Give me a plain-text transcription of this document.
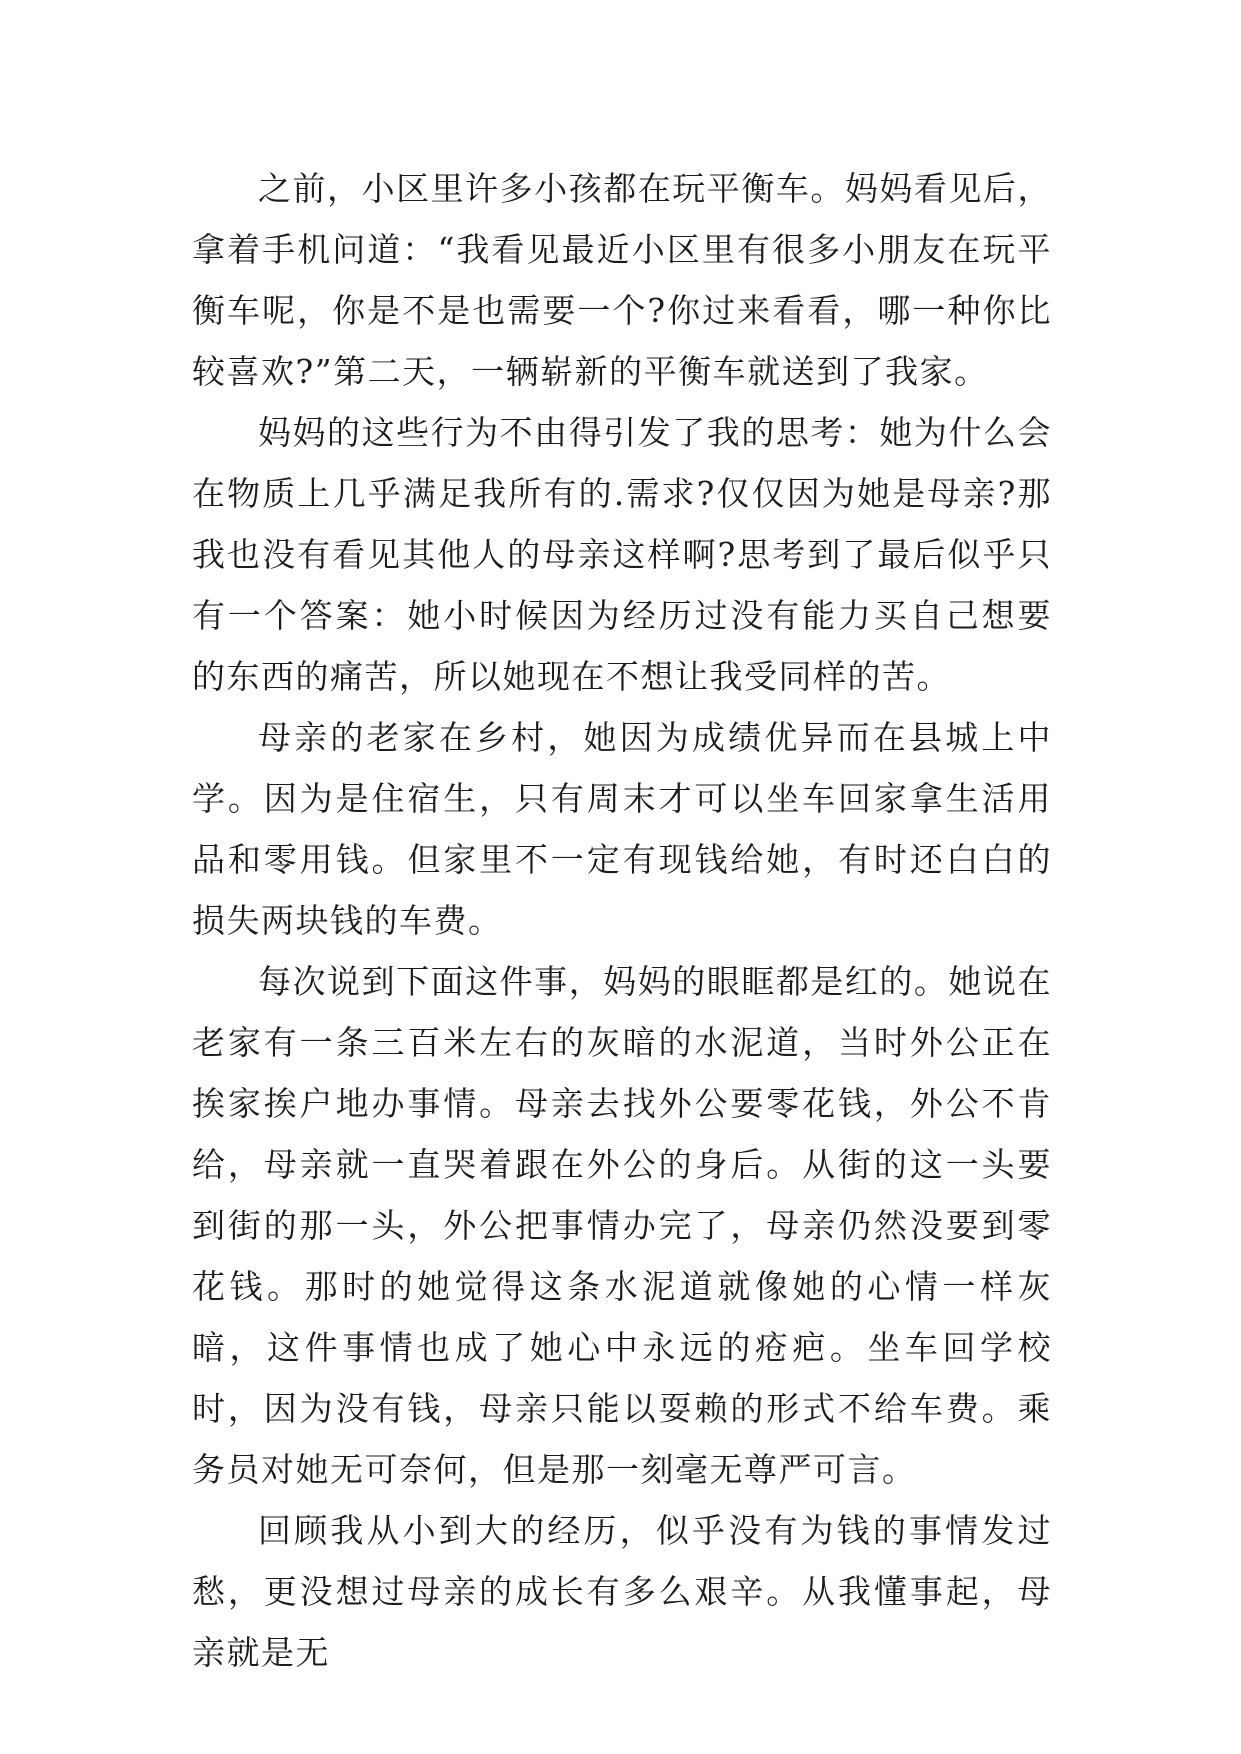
之前，小区里许多小孩都在玩平衡车。妈妈看见后，拿着手机问道：“我看见最近小区里有很多小朋友在玩平衡车呢，你是不是也需要一个?你过来看看，哪一种你比较喜欢?”第二天，一辆崭新的平衡车就送到了我家。

妈妈的这些行为不由得引发了我的思考：她为什么会在物质上几乎满足我所有的.需求?仅仅因为她是母亲?那我也没有看见其他人的母亲这样啊?思考到了最后似乎只有一个答案：她小时候因为经历过没有能力买自己想要的东西的痛苦，所以她现在不想让我受同样的苦。

母亲的老家在乡村，她因为成绩优异而在县城上中学。因为是住宿生，只有周末才可以坐车回家拿生活用品和零用钱。但家里不一定有现钱给她，有时还白白的损失两块钱的车费。

每次说到下面这件事，妈妈的眼眶都是红的。她说在老家有一条三百米左右的灰暗的水泥道，当时外公正在挨家挨户地办事情。母亲去找外公要零花钱，外公不肯给，母亲就一直哭着跟在外公的身后。从街的这一头要到街的那一头，外公把事情办完了，母亲仍然没要到零花钱。那时的她觉得这条水泥道就像她的心情一样灰暗，这件事情也成了她心中永远的疮疤。坐车回学校时，因为没有钱，母亲只能以耍赖的形式不给车费。乘务员对她无可奈何，但是那一刻毫无尊严可言。

回顾我从小到大的经历，似乎没有为钱的事情发过愁，更没想过母亲的成长有多么艰辛。从我懂事起，母亲就是无
